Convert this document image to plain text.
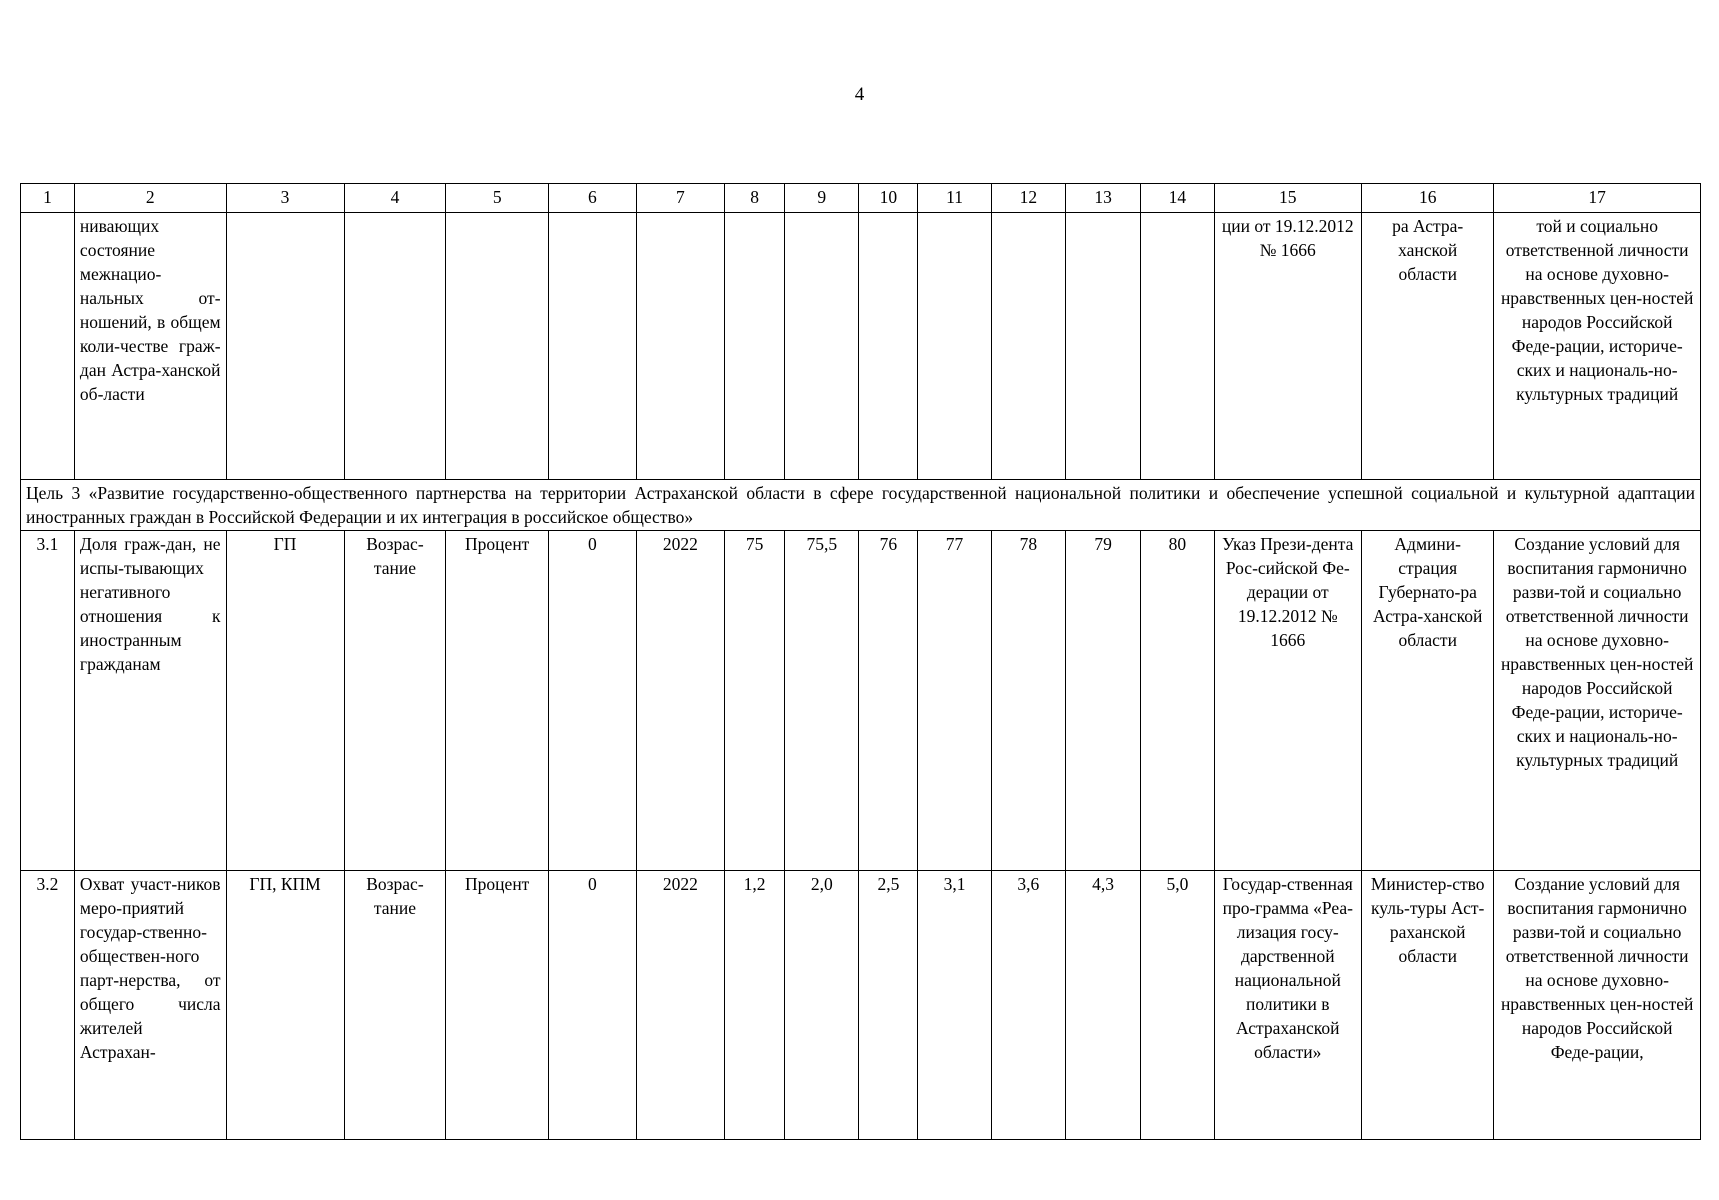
4
1	2	3	4	5	6	7	8	9	10	11	12	13	14	15	16	17
	нивающих состояние межнацио-нальных от-ношений, в общем коли-честве граж-дан Астра-ханской об-ласти													ции от 19.12.2012 № 1666	ра Астра-ханской области	той и социально ответственной личности на основе духовно-нравственных цен-ностей народов Российской Феде-рации, историче-ских и националь-но-культурных традиций
Цель 3 «Развитие государственно-общественного партнерства на территории Астраханской области в сфере государственной национальной политики и обеспечение успешной социальной и культурной адаптации иностранных граждан в Российской Федерации и их интеграция в российское общество»																
3.1	Доля граж-дан, не испы-тывающих негативного отношения к иностранным гражданам	ГП	Возрас-тание	Процент	0	2022	75	75,5	76	77	78	79	80	Указ Прези-дента Рос-сийской Фе-дерации от 19.12.2012 № 1666	Админи-страция Губернато-ра Астра-ханской области	Создание условий для воспитания гармонично разви-той и социально ответственной личности на основе духовно-нравственных цен-ностей народов Российской Феде-рации, историче-ских и националь-но-культурных традиций
3.2	Охват участ-ников меро-приятий государ-ственно-обществен-ного парт-нерства, от общего числа жителей Астрахан-	ГП, КПМ	Возрас-тание	Процент	0	2022	1,2	2,0	2,5	3,1	3,6	4,3	5,0	Государ-ственная про-грамма «Реа-лизация госу-дарственной национальной политики в Астраханской области»	Министер-ство куль-туры Аст-раханской области	Создание условий для воспитания гармонично разви-той и социально ответственной личности на основе духовно-нравственных цен-ностей народов Российской Феде-рации,
